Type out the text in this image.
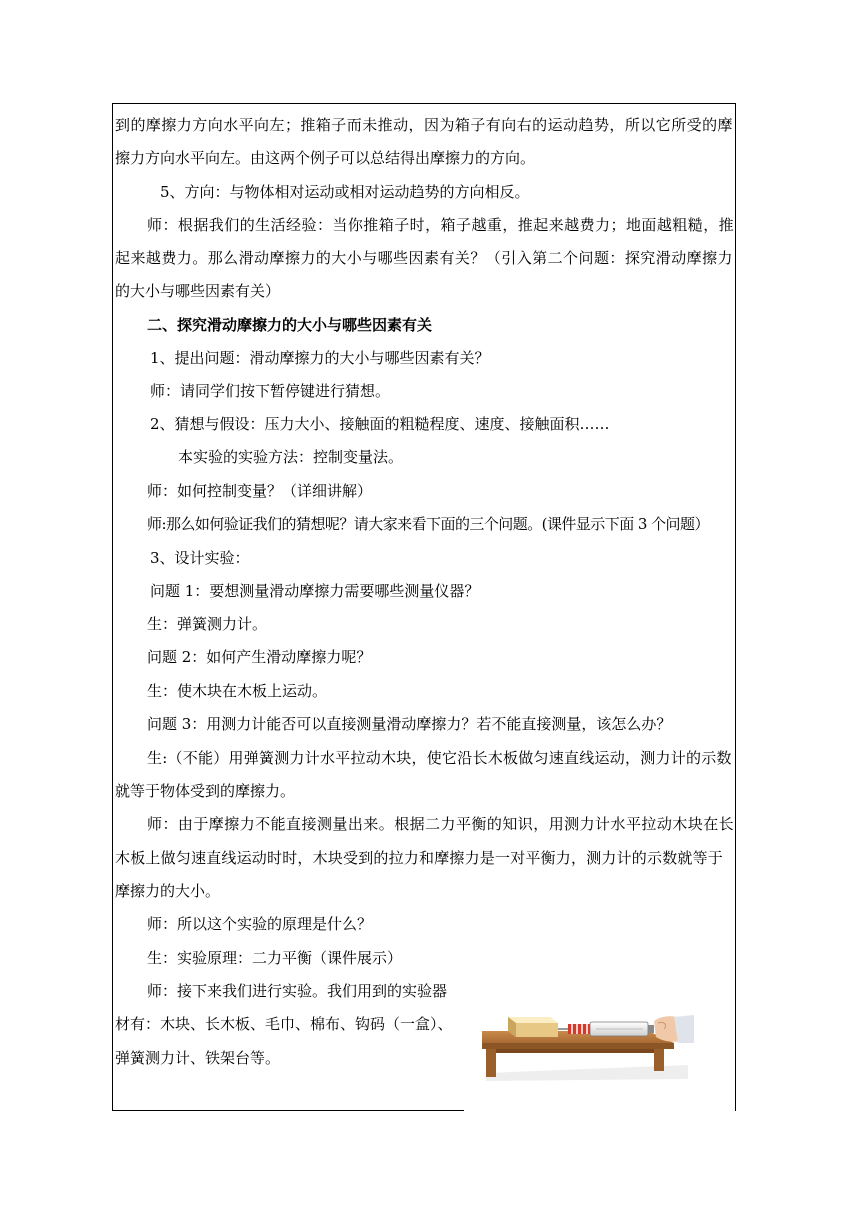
到的摩擦力方向水平向左；推箱子而未推动，因为箱子有向右的运动趋势，所以它所受的摩
擦力方向水平向左。由这两个例子可以总结得出摩擦力的方向。
5、方向：与物体相对运动或相对运动趋势的方向相反。
师：根据我们的生活经验：当你推箱子时，箱子越重，推起来越费力；地面越粗糙，推
起来越费力。那么滑动摩擦力的大小与哪些因素有关？（引入第二个问题：探究滑动摩擦力
的大小与哪些因素有关）
二、探究滑动摩擦力的大小与哪些因素有关
1、提出问题：滑动摩擦力的大小与哪些因素有关？
师：请同学们按下暂停键进行猜想。
2、猜想与假设：压力大小、接触面的粗糙程度、速度、接触面积……
本实验的实验方法：控制变量法。
师：如何控制变量？（详细讲解）
师:那么如何验证我们的猜想呢？请大家来看下面的三个问题。(课件显示下面 3 个问题）
3、设计实验：
问题 1：要想测量滑动摩擦力需要哪些测量仪器？
生：弹簧测力计。
问题 2：如何产生滑动摩擦力呢？
生：使木块在木板上运动。
问题 3：用测力计能否可以直接测量滑动摩擦力？若不能直接测量，该怎么办？
生:（不能）用弹簧测力计水平拉动木块，使它沿长木板做匀速直线运动，测力计的示数
就等于物体受到的摩擦力。
师：由于摩擦力不能直接测量出来。根据二力平衡的知识，用测力计水平拉动木块在长
木板上做匀速直线运动时时，木块受到的拉力和摩擦力是一对平衡力，测力计的示数就等于
摩擦力的大小。
师：所以这个实验的原理是什么？
生：实验原理：二力平衡（课件展示）
师：接下来我们进行实验。我们用到的实验器
材有：木块、长木板、毛巾、棉布、钩码（一盒）、
弹簧测力计、铁架台等。
